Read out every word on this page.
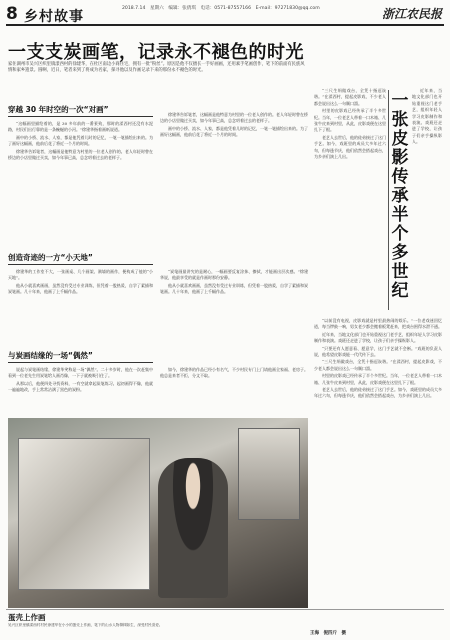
8 乡村故事
2018.7.14　星期六　编辑：张倩琪　电话：0571-87557166　E-mail：97271830@qq.com	浙江农民报
一支支炭画笔，记录永不褪色的时光
家住湖州市吴兴区织里镇漾西村的徐建华，在杜区南边小商住宅，拥有一批“粉丝”。原因是他不仅擅长一手好画画，还用素手笔画创作，笔下的前面有民族风情和家乡遗景。圆啊，近日，笔者来到了将成为名家，探寻他以及作画记录下来的那份永不褪色的时光。
穿越 30 年时空的一次“对画”

“这幅画里描绘着的，是 30 多年前的一番景致，那时的漾西村还没有水泥路，村民们出行靠的是一条蜿蜒的小河。”徐建华指着画纸说道。

画中的小桥、流水、人家，都是他凭着儿时的记忆，一笔一笔描绘出来的。为了画好这幅画，他前后花了将近一个月的时间。

徐建华告诉笔者，这幅画是他特意为村里的一位老人创作的。老人年轻时曾在桥边的小店里做过买卖，如今年事已高，总念叨着过去的老样子。

徐建华告诉笔者，这幅画是他特意为村里的一位老人创作的。老人年轻时曾在桥边的小店里做过买卖，如今年事已高，总念叨着过去的老样子。

画中的小桥、流水、人家，都是他凭着儿时的记忆，一笔一笔描绘出来的。为了画好这幅画，他前后花了将近一个月的时间。

创造奇迹的一方“小天地”

徐建华的工作室不大，一张画桌、几个画架、满墙的画作，便构成了他的“小天地”。

他从小就喜欢画画，虽然没有受过专业训练，但凭着一股热爱，自学了素描和炭笔画。几十年来，他画了上千幅作品。

“炭笔画最讲究的是耐心，一幅画要反复涂抹、擦拭，才能画出层次感。”徐建华说，他最享受的就是作画时那份安静。

他从小就喜欢画画，虽然没有受过专业训练，但凭着一股热爱，自学了素描和炭笔画。几十年来，他画了上千幅作品。

与炭画结缘的一场“偶然”

说起与炭笔画结缘，徐建华笑称是一场“偶然”。二十多岁时，他在一次赶集中看到一位老先生用炭笔给人画肖像，一下子就被吸引住了。

从那以后，他便四处寻找资料，一有空就拿起炭笔练习。起初画得不像，他就一遍遍地改，手上常常沾满了黑色的炭粉。

如今，徐建华的作品已经小有名气，不少村民专门上门请他画全家福、老房子。他总是来者不拒，分文不取。

“三尺生绢做戏台，全凭十指逗诙谐。”在漾西村，提起皮影戏，不少老人都会说出这么一句顺口溜。

村里的皮影戏已经传承了半个多世纪。当年，一位老艺人带着一口木箱、几张牛皮来到村里，从此，皮影戏便在这里扎下了根。

老艺人去世后，他的徒弟接过了这门手艺。如今，戏班里的成员大多年过六旬，但每逢节庆，他们依然会搭起戏台，为乡亲们演上几出。

一张皮影传承半个多世纪

“以前没有电视，皮影戏就是村里最热闹的娱乐。”一位老戏迷回忆道，每当锣鼓一响，男女老少都会搬着板凳赶来，把戏台围得水泄不通。

近年来，当地文化部门也开始重视这门老手艺，组织年轻人学习皮影制作和表演。戏班还走进了学校，让孩子们亲手操纵影人。

“只要还有人愿意看、愿意学，这门手艺就不会断。”戏班的负责人说，他希望皮影戏能一代代传下去。

“三尺生绢做戏台，全凭十指逗诙谐。”在漾西村，提起皮影戏，不少老人都会说出这么一句顺口溜。

村里的皮影戏已经传承了半个多世纪。当年，一位老艺人带着一口木箱、几张牛皮来到村里，从此，皮影戏便在这里扎下了根。

老艺人去世后，他的徒弟接过了这门手艺。如今，戏班里的成员大多年过六旬，但每逢节庆，他们依然会搭起戏台，为乡亲们演上几出。

近年来，当地文化部门也开始重视这门老手艺，组织年轻人学习皮影制作和表演。戏班还走进了学校，让孩子们亲手操纵影人。

蛋壳上作画
吴兴区织里镇漾西村村民徐建华在小小的蛋壳上作画，笔下的山水人物栩栩如生，深受村民喜爱。
王海　倪四斤　摄
